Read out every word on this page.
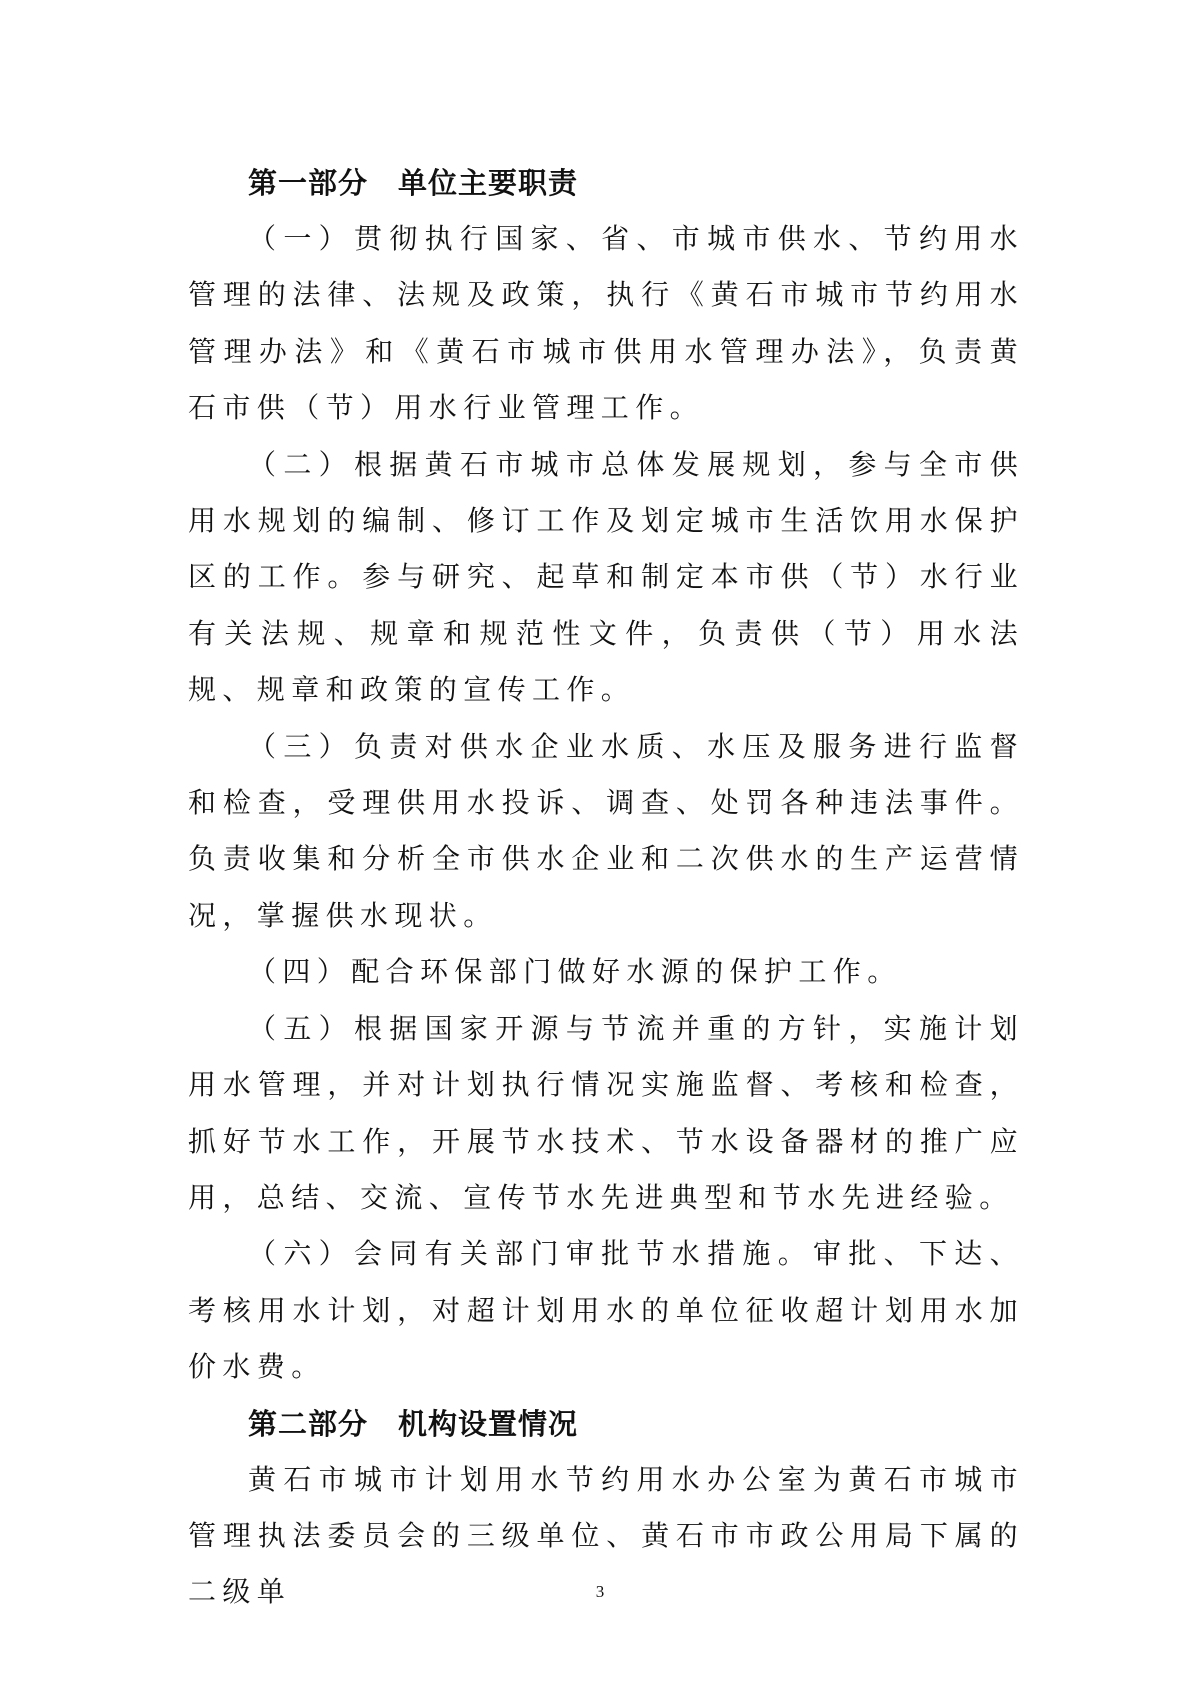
第一部分　单位主要职责

（一）贯彻执行国家、省、市城市供水、节约用水管理的法律、法规及政策，执行《黄石市城市节约用水管理办法》和《黄石市城市供用水管理办法》，负责黄石市供（节）用水行业管理工作。

（二）根据黄石市城市总体发展规划，参与全市供用水规划的编制、修订工作及划定城市生活饮用水保护区的工作。参与研究、起草和制定本市供（节）水行业有关法规、规章和规范性文件，负责供（节）用水法规、规章和政策的宣传工作。

（三）负责对供水企业水质、水压及服务进行监督和检查，受理供用水投诉、调查、处罚各种违法事件。负责收集和分析全市供水企业和二次供水的生产运营情况，掌握供水现状。

（四）配合环保部门做好水源的保护工作。

（五）根据国家开源与节流并重的方针，实施计划用水管理，并对计划执行情况实施监督、考核和检查，抓好节水工作，开展节水技术、节水设备器材的推广应用，总结、交流、宣传节水先进典型和节水先进经验。

（六）会同有关部门审批节水措施。审批、下达、考核用水计划，对超计划用水的单位征收超计划用水加价水费。

第二部分　机构设置情况

黄石市城市计划用水节约用水办公室为黄石市城市管理执法委员会的三级单位、黄石市市政公用局下属的二级单	3
